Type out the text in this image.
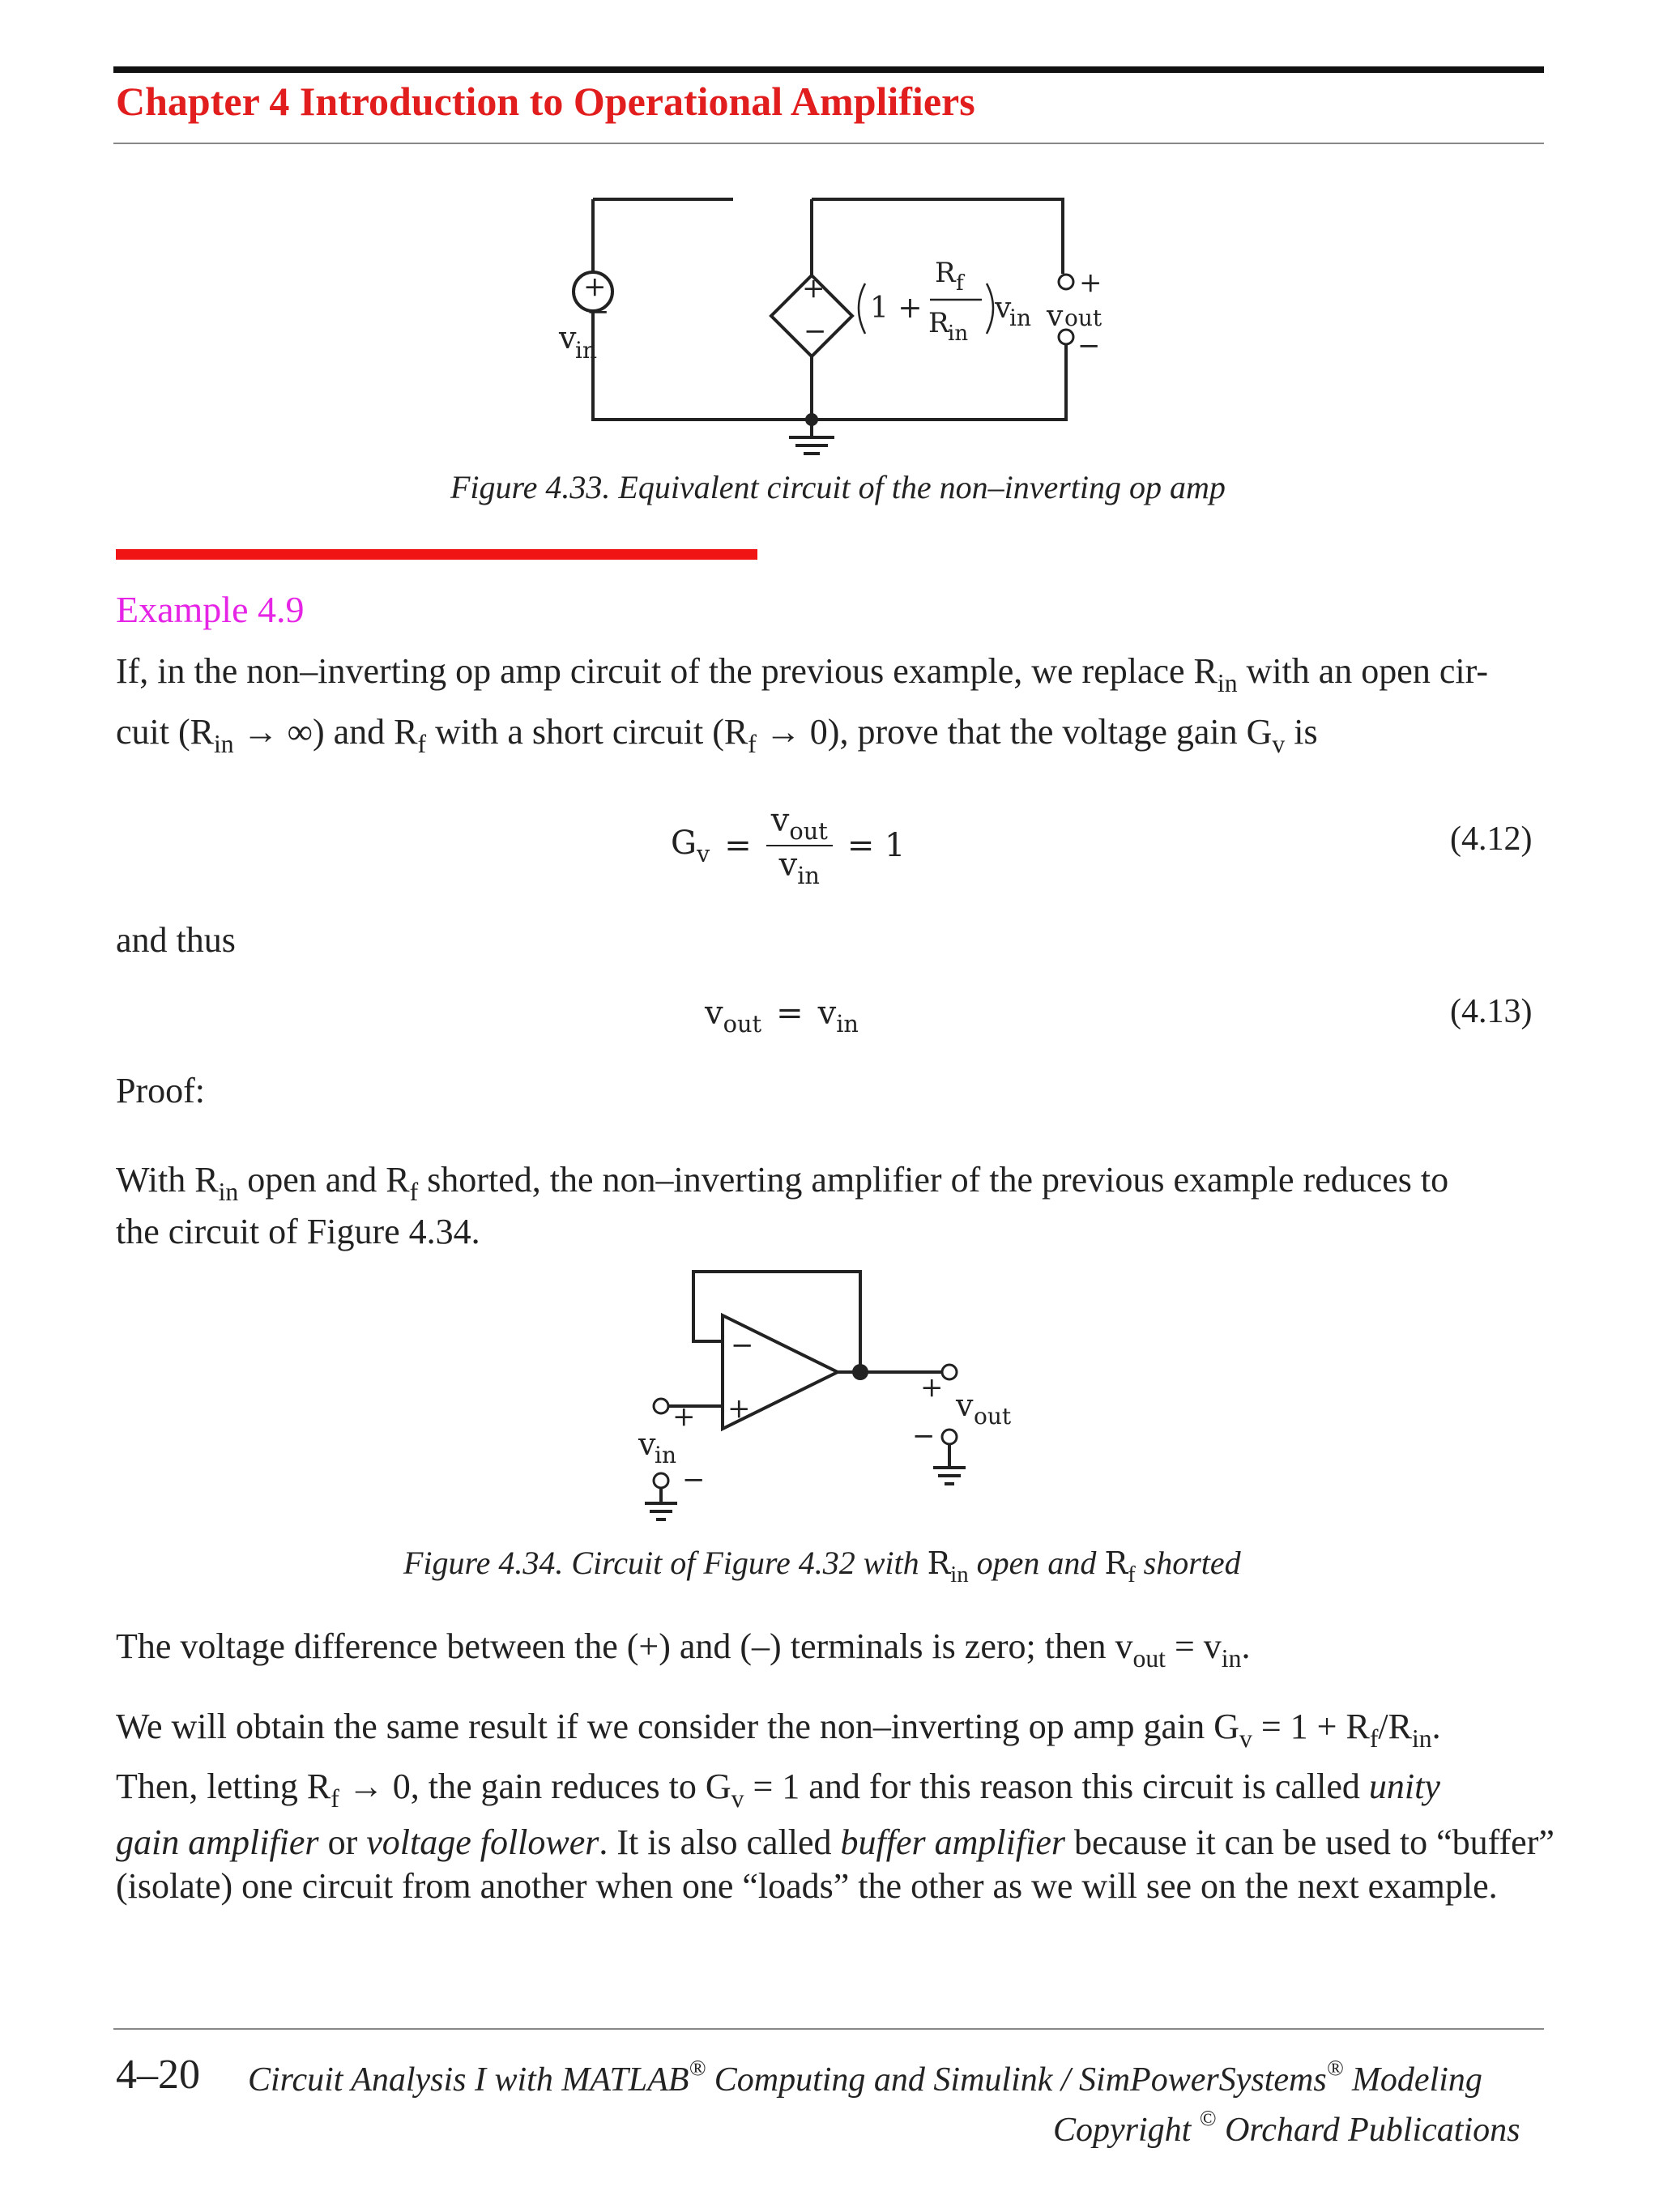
Chapter 4 Introduction to Operational Amplifiers
+
−
v
in
+
−
1 +
R f
R
in
v
in
+
v out
−
Figure 4.33. Equivalent circuit of the non–inverting op amp
Example 4.9
If, in the non–inverting op amp circuit of the previous example, we replace $R_{in}$ with an open cir-
cuit ($R_{in}$ → ∞) and $R_f$ with a short circuit $(R_f \to 0)$, prove that the voltage gain $G_v$ is
$G_v = \frac{v_{out}}{v_{in}} = 1$	(4.12)
and thus
$v_{out} = v_{in}$	(4.13)
Proof:
With $R_{in}$ open and $R_f$ shorted, the non–inverting amplifier of the previous example reduces to
the circuit of Figure 4.34.
−
+
+
v
in
−
+ v out
−
Figure 4.34. Circuit of Figure 4.32 with $R_{in}$ open and $R_f$ shorted
The voltage difference between the (+) and (–) terminals is zero; then $v_{out} = v_{in}$.
We will obtain the same result if we consider the non–inverting op amp gain $G_v = 1 + R_f/R_{in}$.
Then, letting $R_f \to 0$, the gain reduces to $G_v = 1$ and for this reason this circuit is called unity
gain amplifier or voltage follower. It is also called buffer amplifier because it can be used to “buffer”
(isolate) one circuit from another when one “loads” the other as we will see on the next example.
4–20 Circuit Analysis I with MATLAB® Computing and Simulink / SimPowerSystems® Modeling
Copyright © Orchard Publications
